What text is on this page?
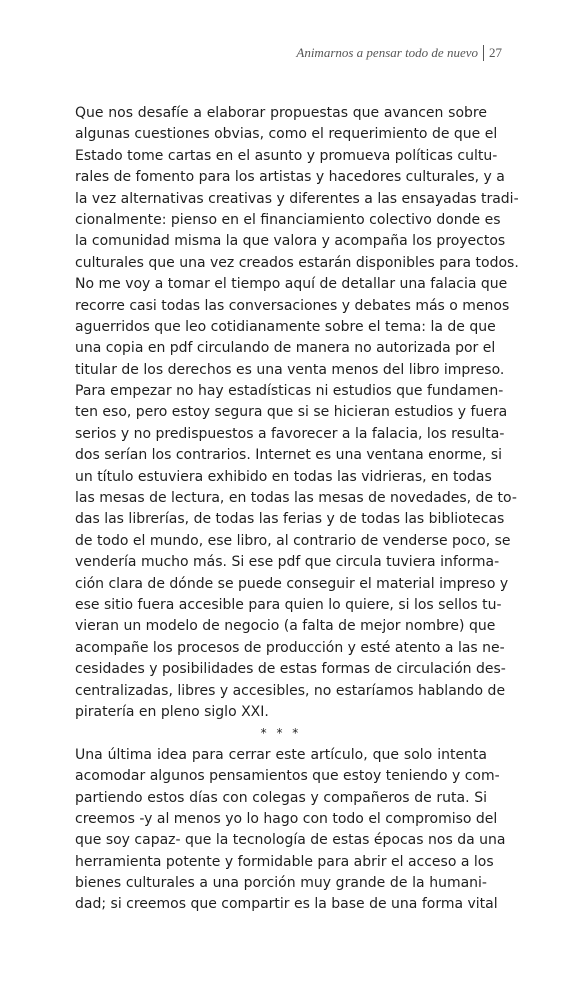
Animarnos a pensar todo de nuevo 27
Que nos desafíe a elaborar propuestas que avancen sobre
algunas cuestiones obvias, como el requerimiento de que el
Estado tome cartas en el asunto y promueva políticas cultu-
rales de fomento para los artistas y hacedores culturales, y a
la vez alternativas creativas y diferentes a las ensayadas tradi-
cionalmente: pienso en el financiamiento colectivo donde es
la comunidad misma la que valora y acompaña los proyectos
culturales que una vez creados estarán disponibles para todos.
No me voy a tomar el tiempo aquí de detallar una falacia que
recorre casi todas las conversaciones y debates más o menos
aguerridos que leo cotidianamente sobre el tema: la de que
una copia en pdf circulando de manera no autorizada por el
titular de los derechos es una venta menos del libro impreso.
Para empezar no hay estadísticas ni estudios que fundamen-
ten eso, pero estoy segura que si se hicieran estudios y fuera
serios y no predispuestos a favorecer a la falacia, los resulta-
dos serían los contrarios. Internet es una ventana enorme, si
un título estuviera exhibido en todas las vidrieras, en todas
las mesas de lectura, en todas las mesas de novedades, de to-
das las librerías, de todas las ferias y de todas las bibliotecas
de todo el mundo, ese libro, al contrario de venderse poco, se
vendería mucho más. Si ese pdf que circula tuviera informa-
ción clara de dónde se puede conseguir el material impreso y
ese sitio fuera accesible para quien lo quiere, si los sellos tu-
vieran un modelo de negocio (a falta de mejor nombre) que
acompañe los procesos de producción y esté atento a las ne-
cesidades y posibilidades de estas formas de circulación des-
centralizadas, libres y accesibles, no estaríamos hablando de
piratería en pleno siglo XXI.
* * *
Una última idea para cerrar este artículo, que solo intenta
acomodar algunos pensamientos que estoy teniendo y com-
partiendo estos días con colegas y compañeros de ruta. Si
creemos -y al menos yo lo hago con todo el compromiso del
que soy capaz- que la tecnología de estas épocas nos da una
herramienta potente y formidable para abrir el acceso a los
bienes culturales a una porción muy grande de la humani-
dad; si creemos que compartir es la base de una forma vital
